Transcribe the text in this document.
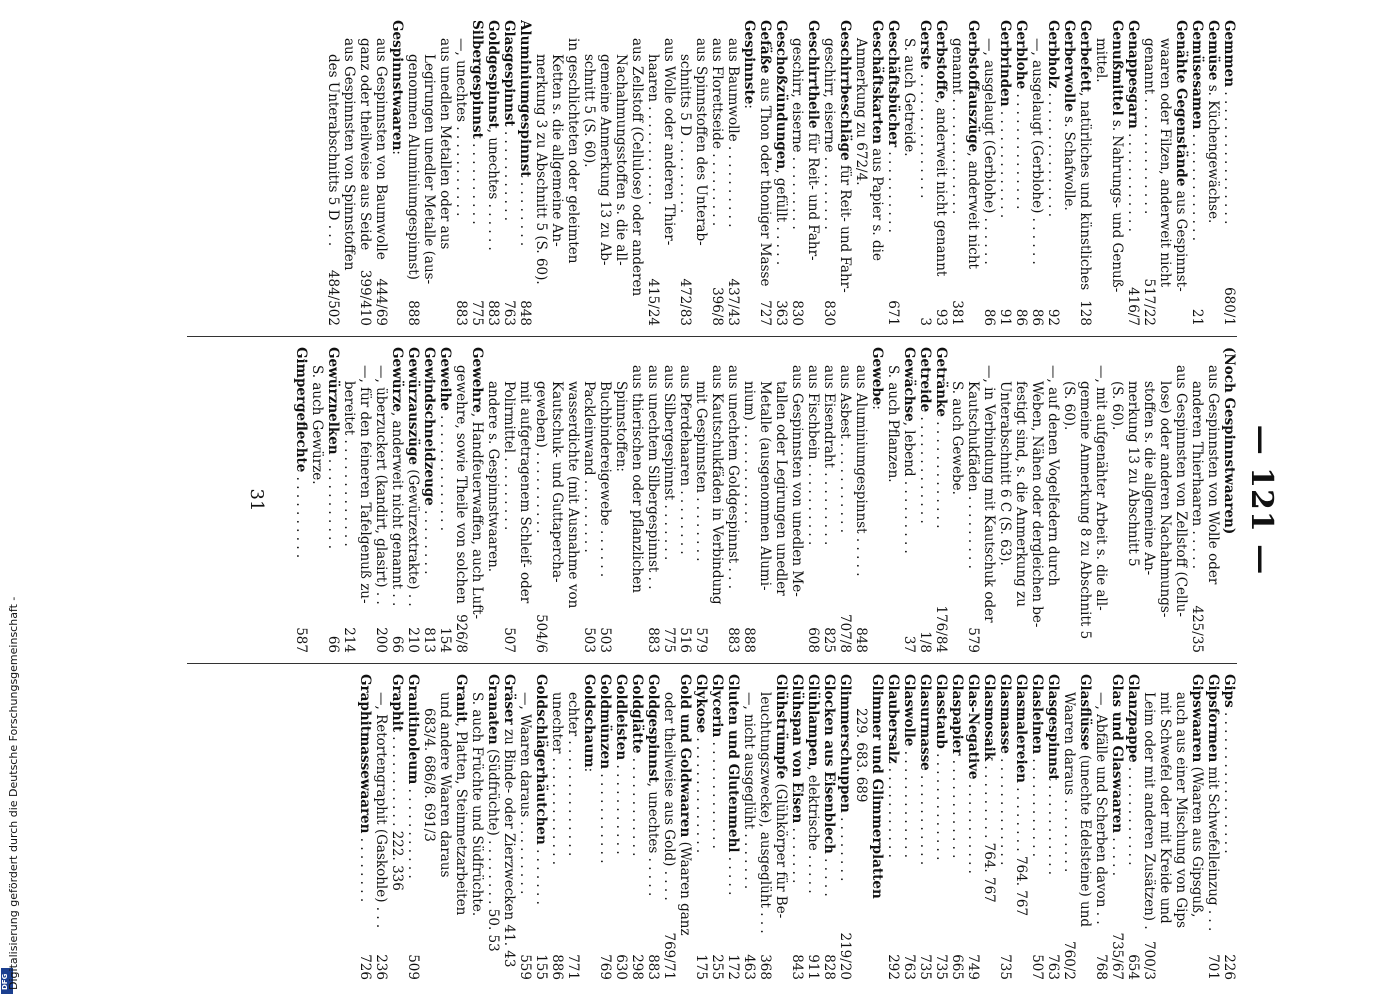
— 121 —
Gemmen . . . . . . . . . . . . . . . .
680/1
Gemüse s. Küchengewächse.
Gemüsesamen . . . . . . . . . . . . .
21
Genähte Gegenstände aus Gespinnst-
waaren oder Filzen, anderweit nicht
genannt . . . . . . . . . . . . . .
517/22
Genappesgarn . . . . . . . . . . . .
416/7
Genußmittel s. Nahrungs- und Genuß-
mittel.
Gerbefett, natürliches und künstliches
128
Gerberwolle s. Schafwolle.
Gerbholz . . . . . . . . . . . . . . .
92
—, ausgelaugt (Gerblohe) . . . . . .
86
Gerblohe . . . . . . . . . . . . . .
86
Gerbrinden . . . . . . . . . . . . .
91
—, ausgelaugt (Gerblohe) . . . . . .
86
Gerbstoffauszüge, anderweit nicht
genannt . . . . . . . . . . . . . .
381
Gerbstoffe, anderweit nicht genannt
93
Gerste . . . . . . . . . . . . . . .
3
S. auch Getreide.
Geschäftsbücher . . . . . . . . . .
671
Geschäftskarten aus Papier s. die
Anmerkung zu 672/4.
Geschirrbeschläge für Reit- und Fahr-
geschirr, eiserne . . . . . . . . .
830
Geschirrtheile für Reit- und Fahr-
geschirr, eiserne . . . . . . . . .
830
Geschoßzündungen, gefüllt . . . . .
363
Gefäße aus Thon oder thoniger Masse
727
Gespinnste:
aus Baumwolle . . . . . . . . . .
437/43
aus Florettseide . . . . . . . . .
396/8
aus Spinnstoffen des Unterab-
schnitts 5 D . . . . . . . . .
472/83
aus Wolle oder anderen Thier-
haaren . . . . . . . . . . . .
415/24
aus Zellstoff (Cellulose) oder anderen
Nachahmungsstoffen s. die all-
gemeine Anmerkung 13 zu Ab-
schnitt 5 (S. 60).
in geschlichteten oder geleimten
Ketten s. die allgemeine An-
merkung 3 zu Abschnitt 5 (S. 60).
Aluminiumgespinnst . . . . . . . .
848
Glasgespinnst . . . . . . . . . . .
763
Goldgespinnst, unechtes . . . . . .
883
Silbergespinnst . . . . . . . . . .
775
—, unechtes . . . . . . . . . . .
883
aus unedlen Metallen oder aus
Legirungen unedler Metalle (aus-
genommen Aluminiumgespinnst)
888
Gespinnstwaaren:
aus Gespinnsten von Baumwolle
444/69
ganz oder theilweise aus Seide
399/410
aus Gespinnsten von Spinnstoffen
des Unterabschnitts 5 D . . .
484/502
(Noch Gespinnstwaaren)
aus Gespinnsten von Wolle oder
anderen Thierhaaren . . . . .
425/35
aus Gespinnsten von Zellstoff (Cellu-
lose) oder anderen Nachahmungs-
stoffen s. die allgemeine An-
merkung 13 zu Abschnitt 5
(S. 60).
—, mit aufgenähter Arbeit s. die all-
gemeine Anmerkung 8 zu Abschnitt 5
(S. 60).
—, auf denen Vogelfedern durch
Weben, Nähen oder dergleichen be-
festigt sind, s. die Anmerkung zu
Unterabschnitt 6 C (S. 63).
—, in Verbindung mit Kautschuk oder
Kautschukfäden . . . . . . . . .
579
S. auch Gewebe.
Getränke . . . . . . . . . . . . .
176/84
Getreide . . . . . . . . . . . . .
1/8
Gewächse, lebend . . . . . . . . .
37
S. auch Pflanzen.
Gewebe:
aus Aluminiumgespinnst . . . . .
848
aus Asbest . . . . . . . . . . .
707/8
aus Eisendraht . . . . . . . . .
825
aus Fischbein . . . . . . . . . .
608
aus Gespinnsten von unedlen Me-
tallen oder Legirungen unedler
Metalle (ausgenommen Alumi-
nium) . . . . . . . . . . . .
888
aus unechtem Goldgespinnst . . .
883
aus Kautschukfäden in Verbindung
mit Gespinnsten . . . . . . . .
579
aus Pferdehaaren . . . . . . . .
516
aus Silbergespinnst . . . . . . .
775
aus unechtem Silbergespinnst . .
883
aus thierischen oder pflanzlichen
Spinnstoffen:
Buchbindereigewebe . . . . . .
503
Packleinwand . . . . . . . . .
503
wasserdichte (mit Ausnahme von
Kautschuk- und Guttapercha-
geweben) . . . . . . . . . .
504/6
mit aufgetragenem Schleif- oder
Polirmittel . . . . . . . . .
507
andere s. Gespinnstwaaren.
Gewehre, Handfeuerwaffen, auch Luft-
gewehre, sowie Theile von solchen
926/8
Geweihe . . . . . . . . . . . . . .
154
Gewindschneidzeuge . . . . . . . .
813
Gewürzauszüge (Gewürzextrakte) . .
210
Gewürze, anderweit nicht genannt . .
66
—, überzuckert (kandirt, glasirt) . .
200
—, für den feineren Tafelgenuß zu-
bereitet . . . . . . . . . . . . .
214
Gewürznelken . . . . . . . . . . .
66
S. auch Gewürze.
Gimpergeflechte . . . . . . . . . .
587
Gips . . . . . . . . . . . . . . . . .
226
Gipsformen mit Schwefelleinzug . . .
701
Gipswaaren (Waaren aus Gipsguß,
auch aus einer Mischung von Gips
mit Schwefel oder mit Kreide und
Leim oder mit anderen Zusätzen) .
700/3
Glanzpappe . . . . . . . . . . . .
654
Glas und Glaswaaren . . . . .
735/67
—, Abfälle und Scherben davon . .
768
Glasflüsse (unechte Edelsteine) und
Waaren daraus . . . . . . . . .
760/2
Glasgespinnst . . . . . . . . . . .
763
Glasleinen . . . . . . . . . . . .
507
Glasmalereien . . . . . . . . 764. 767
Glasmasse . . . . . . . . . . . . .
735
Glasmosaik . . . . . . . . . 764. 767
Glas-Negative . . . . . . . . . . .
749
Glaspapier . . . . . . . . . . . .
665
Glasstaub . . . . . . . . . . . . .
735
Glasurmasse . . . . . . . . . . .
735
Glaswolle . . . . . . . . . . . . .
763
Glaubersalz . . . . . . . . . . .
292
Glimmer und Glimmerplatten
229. 683. 689
Glimmerschuppen . . . . . . . .
219/20
Glocken aus Eisenblech . . . . .
828
Glühlampen, elektrische . . . . .
911
Glühspan von Eisen . . . . . . .
843
Glühstrümpfe (Glühkörper für Be-
leuchtungszwecke), ausgeglüht . . .
368
—, nicht ausgeglüht . . . . . . .
463
Gluten und Glutenmehl . . . . .
172
Glycerin . . . . . . . . . . . . .
255
Glykose . . . . . . . . . . . . . .
175
Gold und Goldwaaren (Waaren ganz
oder theilweise aus Gold) . . . .
769/71
Goldgespinnst, unechtes . . . . .
883
Goldglätte . . . . . . . . . . . .
298
Goldleisten . . . . . . . . . . .
630
Goldmünzen . . . . . . . . . . .
769
Goldschaum:
echter . . . . . . . . . . . . . .
771
unechter . . . . . . . . . . . . .
886
Goldschlägerhäutchen . . . . . . .
155
—, Waaren daraus . . . . . . . . .
559
Gräser zu Binde- oder Zierzwecken 41. 43
Granaten (Südfrüchte) . . . . . . . . 50. 53
S. auch Früchte und Südfrüchte.
Granit, Platten, Steinmetzarbeiten
und andere Waaren daraus
683/4. 686/8. 691/3
Granitinoleum . . . . . . . . . . .
509
Graphit . . . . . . . . . . . 222. 336
—, Retortengraphit (Gaskohle) . . .
236
Graphitmassewaaren . . . . . . . .
726
31
DFG
Digitalisierung gefördert durch die Deutsche Forschungsgemeinschaft -
